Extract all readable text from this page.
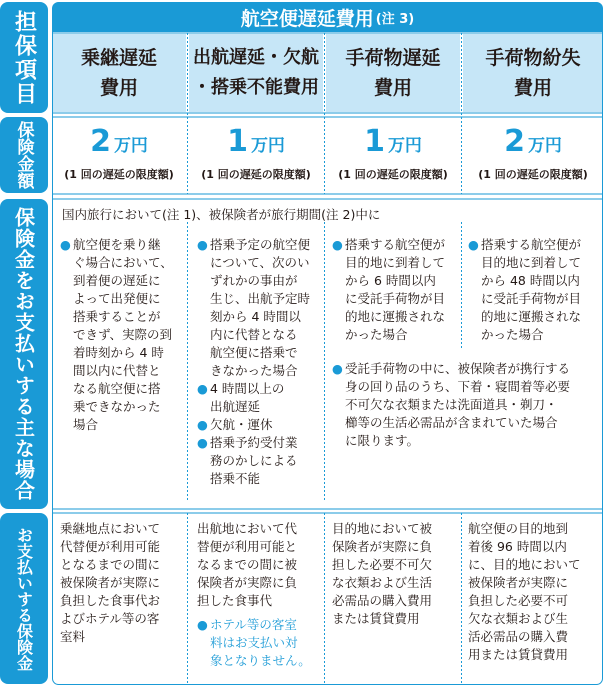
担保項目
保険金額
保険金をお支払いする主な場合
お支払いする保険金
航空便遅延費用 (注 3)
乗継遅延
費用
出航遅延・欠航
・搭乗不能費用
手荷物遅延
費用
手荷物紛失
費用
2 万円
(1 回の遅延の限度額)
1 万円
(1 回の遅延の限度額)
1 万円
(1 回の遅延の限度額)
2 万円
(1 回の遅延の限度額)
国内旅行において(注 1)、被保険者が旅行期間(注 2)中に
● 航空便を乗り継
ぐ場合において、
到着便の遅延に
よって出発便に
搭乗することが
できず、実際の到
着時刻から 4 時
間以内に代替と
なる航空便に搭
乗できなかった
場合
● 搭乗予定の航空便
について、次のい
ずれかの事由が
生じ、出航予定時
刻から 4 時間以
内に代替となる
航空便に搭乗で
きなかった場合
● 4 時間以上の
出航遅延
● 欠航・運休
● 搭乗予約受付業
務のかしによる
搭乗不能
● 搭乗する航空便が
目的地に到着して
から 6 時間以内
に受託手荷物が目
的地に運搬されな
かった場合
● 搭乗する航空便が
目的地に到着して
から 48 時間以内
に受託手荷物が目
的地に運搬されな
かった場合
● 受託手荷物の中に、被保険者が携行する
身の回り品のうち、下着・寝間着等必要
不可欠な衣類または洗面道具・剃刀・
櫛等の生活必需品が含まれていた場合
に限ります。
乗継地点において
代替便が利用可能
となるまでの間に
被保険者が実際に
負担した食事代お
よびホテル等の客
室料
出航地において代
替便が利用可能と
なるまでの間に被
保険者が実際に負
担した食事代
● ホテル等の客室
料はお支払い対
象となりません。
目的地において被
保険者が実際に負
担した必要不可欠
な衣類および生活
必需品の購入費用
または賃貸費用
航空便の目的地到
着後 96 時間以内
に、目的地において
被保険者が実際に
負担した必要不可
欠な衣類および生
活必需品の購入費
用または賃貸費用
